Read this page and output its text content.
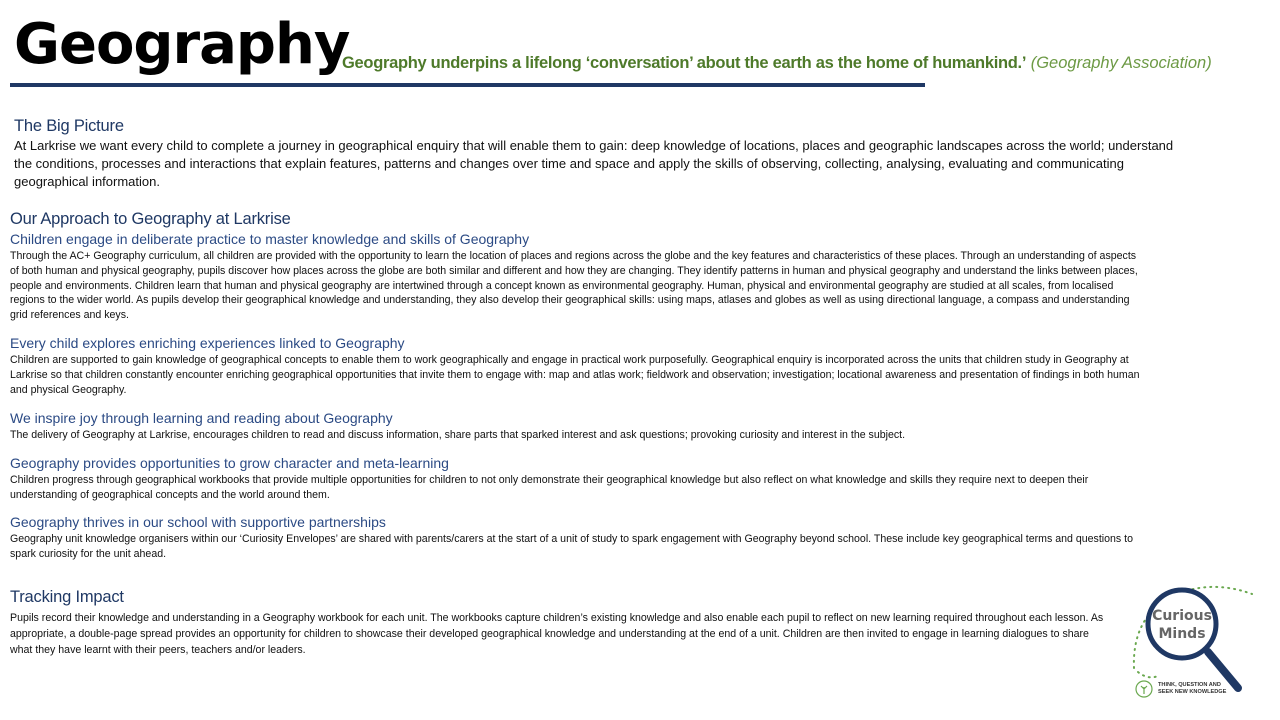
Geography
Geography underpins a lifelong ‘conversation’ about the earth as the home of humankind.’ (Geography Association)
The Big Picture
At Larkrise we want every child to complete a journey in geographical enquiry that will enable them to gain: deep knowledge of locations, places and geographic landscapes across the world; understand the conditions, processes and interactions that explain features, patterns and changes over time and space and apply the skills of observing, collecting, analysing, evaluating and communicating geographical information.
Our Approach to Geography at Larkrise
Children engage in deliberate practice to master knowledge and skills of Geography
Through the AC+ Geography curriculum, all children are provided with the opportunity to learn the location of places and regions across the globe and the key features and characteristics of these places. Through an understanding of aspects of both human and physical geography, pupils discover how places across the globe are both similar and different and how they are changing. They identify patterns in human and physical geography and understand the links between places, people and environments. Children learn that human and physical geography are intertwined through a concept known as environmental geography. Human, physical and environmental geography are studied at all scales, from localised regions to the wider world. As pupils develop their geographical knowledge and understanding, they also develop their geographical skills: using maps, atlases and globes as well as using directional language, a compass and understanding grid references and keys.
Every child explores enriching experiences linked to Geography
Children are supported to gain knowledge of geographical concepts to enable them to work geographically and engage in practical work purposefully. Geographical enquiry is incorporated across the units that children study in Geography at Larkrise so that children constantly encounter enriching geographical opportunities that invite them to engage with: map and atlas work; fieldwork and observation; investigation; locational awareness and presentation of findings in both human and physical Geography.
We inspire joy through learning and reading about Geography
The delivery of Geography at Larkrise, encourages children to read and discuss information, share parts that sparked interest and ask questions; provoking curiosity and interest in the subject.
Geography provides opportunities to grow character and meta-learning
Children progress through geographical workbooks that provide multiple opportunities for children to not only demonstrate their geographical knowledge but also reflect on what knowledge and skills they require next to deepen their understanding of geographical concepts and the world around them.
Geography thrives in our school with supportive partnerships
Geography unit knowledge organisers within our ‘Curiosity Envelopes’ are shared with parents/carers at the start of a unit of study to spark engagement with Geography beyond school. These include key geographical terms and questions to spark curiosity for the unit ahead.
Tracking Impact
Pupils record their knowledge and understanding in a Geography workbook for each unit. The workbooks capture children’s existing knowledge and also enable each pupil to reflect on new learning required throughout each lesson. As appropriate, a double-page spread provides an opportunity for children to showcase their developed geographical knowledge and understanding at the end of a unit. Children are then invited to engage in learning dialogues to share what they have learnt with their peers, teachers and/or leaders.
Curious
Minds
THINK, QUESTION AND
SEEK NEW KNOWLEDGE
